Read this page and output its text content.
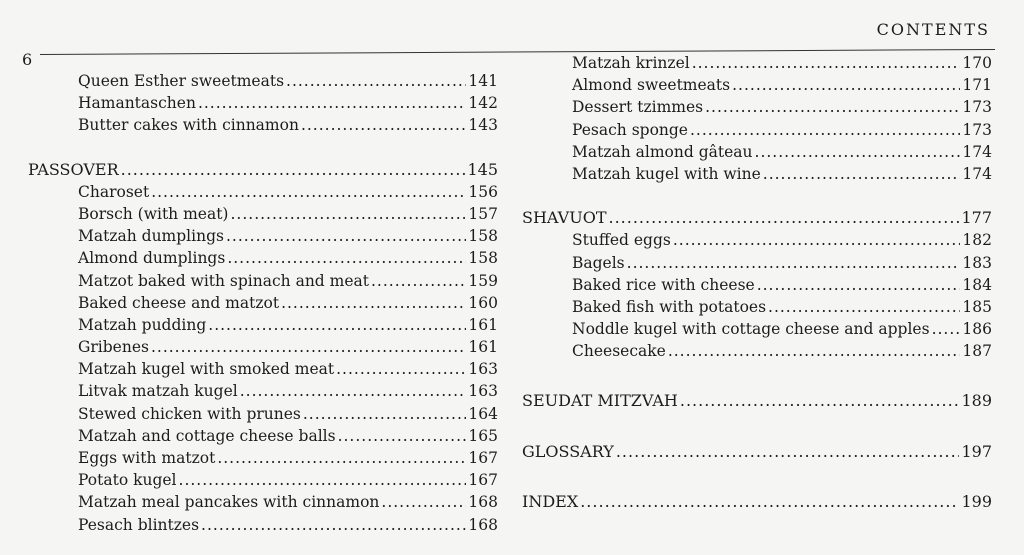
6
CONTENTS
Queen Esther sweetmeats .....	141
Hamantaschen .....	142
Butter cakes with cinnamon .....	143
PASSOVER .....	145
Charoset .....	156
Borsch (with meat) .....	157
Matzah dumplings .....	158
Almond dumplings .....	158
Matzot baked with spinach and meat .....	159
Baked cheese and matzot .....	160
Matzah pudding .....	161
Gribenes .....	161
Matzah kugel with smoked meat .....	163
Litvak matzah kugel .....	163
Stewed chicken with prunes .....	164
Matzah and cottage cheese balls .....	165
Eggs with matzot .....	167
Potato kugel .....	167
Matzah meal pancakes with cinnamon .....	168
Pesach blintzes .....	168
Matzah krinzel .....	170
Almond sweetmeats .....	171
Dessert tzimmes .....	173
Pesach sponge .....	173
Matzah almond gâteau .....	174
Matzah kugel with wine .....	174
SHAVUOT .....	177
Stuffed eggs .....	182
Bagels .....	183
Baked rice with cheese .....	184
Baked fish with potatoes .....	185
Noddle kugel with cottage cheese and apples ..... 186
Cheesecake .....	187
SEUDAT MITZVAH .....	189
GLOSSARY .....	197
INDEX .....	199
